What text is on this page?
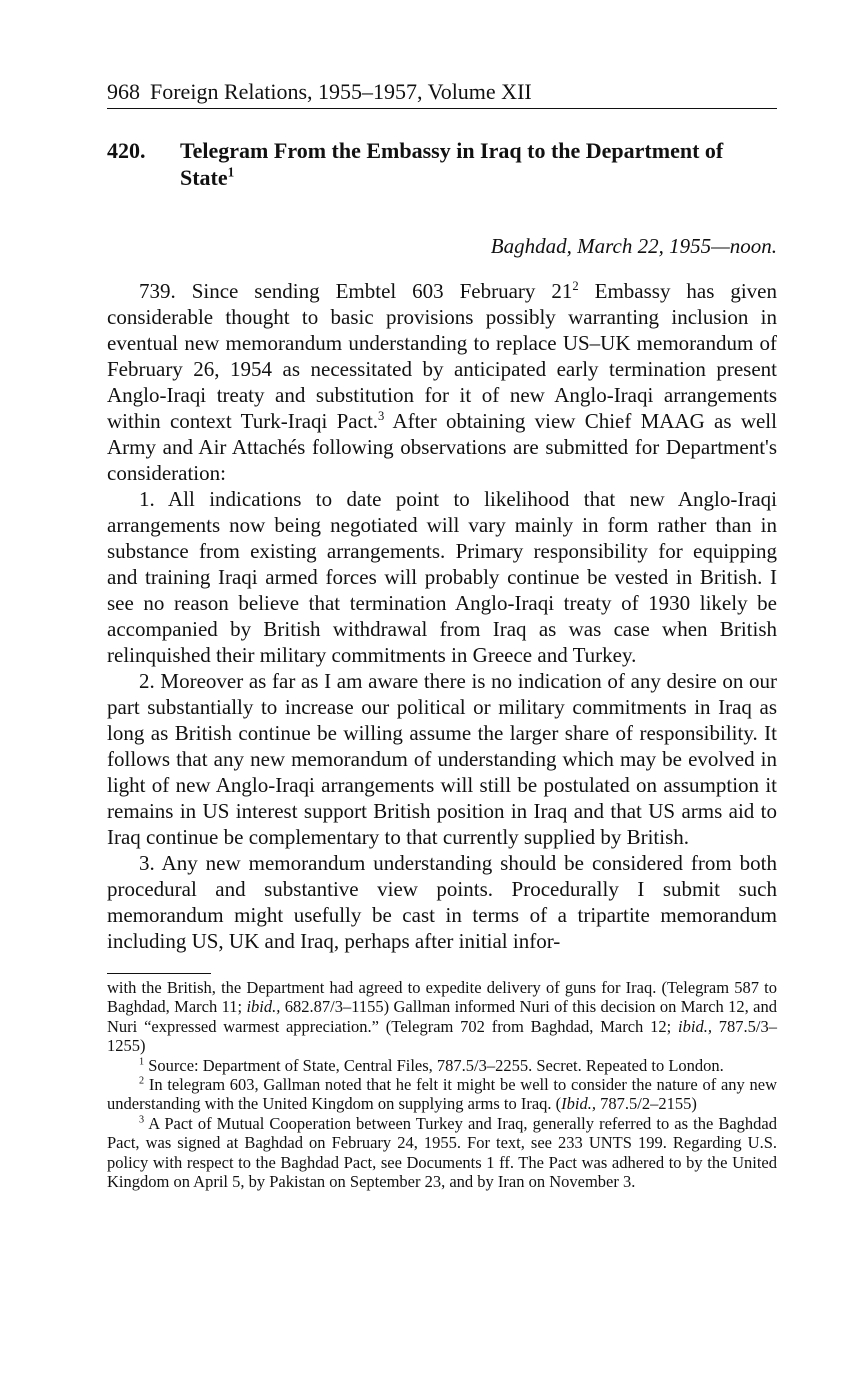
968 Foreign Relations, 1955–1957, Volume XII
420.	Telegram From the Embassy in Iraq to the Department of State$^1$
Baghdad, March 22, 1955—noon.

739. Since sending Embtel 603 February $21^2$ Embassy has given considerable thought to basic provisions possibly warranting inclusion in eventual new memorandum understanding to replace US–UK memorandum of February 26, 1954 as necessitated by anticipated early termination present Anglo-Iraqi treaty and substitution for it of new Anglo-Iraqi arrangements within context Turk-Iraqi Pact.$^3$ After obtaining view Chief MAAG as well Army and Air Attachés following observations are submitted for Department's consideration:

1. All indications to date point to likelihood that new Anglo-Iraqi arrangements now being negotiated will vary mainly in form rather than in substance from existing arrangements. Primary responsibility for equipping and training Iraqi armed forces will probably continue be vested in British. I see no reason believe that termination Anglo-Iraqi treaty of 1930 likely be accompanied by British withdrawal from Iraq as was case when British relinquished their military commitments in Greece and Turkey.

2. Moreover as far as I am aware there is no indication of any desire on our part substantially to increase our political or military commitments in Iraq as long as British continue be willing assume the larger share of responsibility. It follows that any new memorandum of understanding which may be evolved in light of new Anglo-Iraqi arrangements will still be postulated on assumption it remains in US interest support British position in Iraq and that US arms aid to Iraq continue be complementary to that currently supplied by British.

3. Any new memorandum understanding should be considered from both procedural and substantive view points. Procedurally I submit such memorandum might usefully be cast in terms of a tripartite memorandum including US, UK and Iraq, perhaps after initial infor-

with the British, the Department had agreed to expedite delivery of guns for Iraq. (Telegram 587 to Baghdad, March 11; ibid., 682.87/3–1155) Gallman informed Nuri of this decision on March 12, and Nuri “expressed warmest appreciation.” (Telegram 702 from Baghdad, March 12; ibid., 787.5/3–1255)

$^1$ Source: Department of State, Central Files, 787.5/3–2255. Secret. Repeated to London.

$^2$ In telegram 603, Gallman noted that he felt it might be well to consider the nature of any new understanding with the United Kingdom on supplying arms to Iraq. (Ibid., 787.5/2–2155)

$^3$ A Pact of Mutual Cooperation between Turkey and Iraq, generally referred to as the Baghdad Pact, was signed at Baghdad on February 24, 1955. For text, see 233 UNTS 199. Regarding U.S. policy with respect to the Baghdad Pact, see Documents 1 ff. The Pact was adhered to by the United Kingdom on April 5, by Pakistan on September 23, and by Iran on November 3.
